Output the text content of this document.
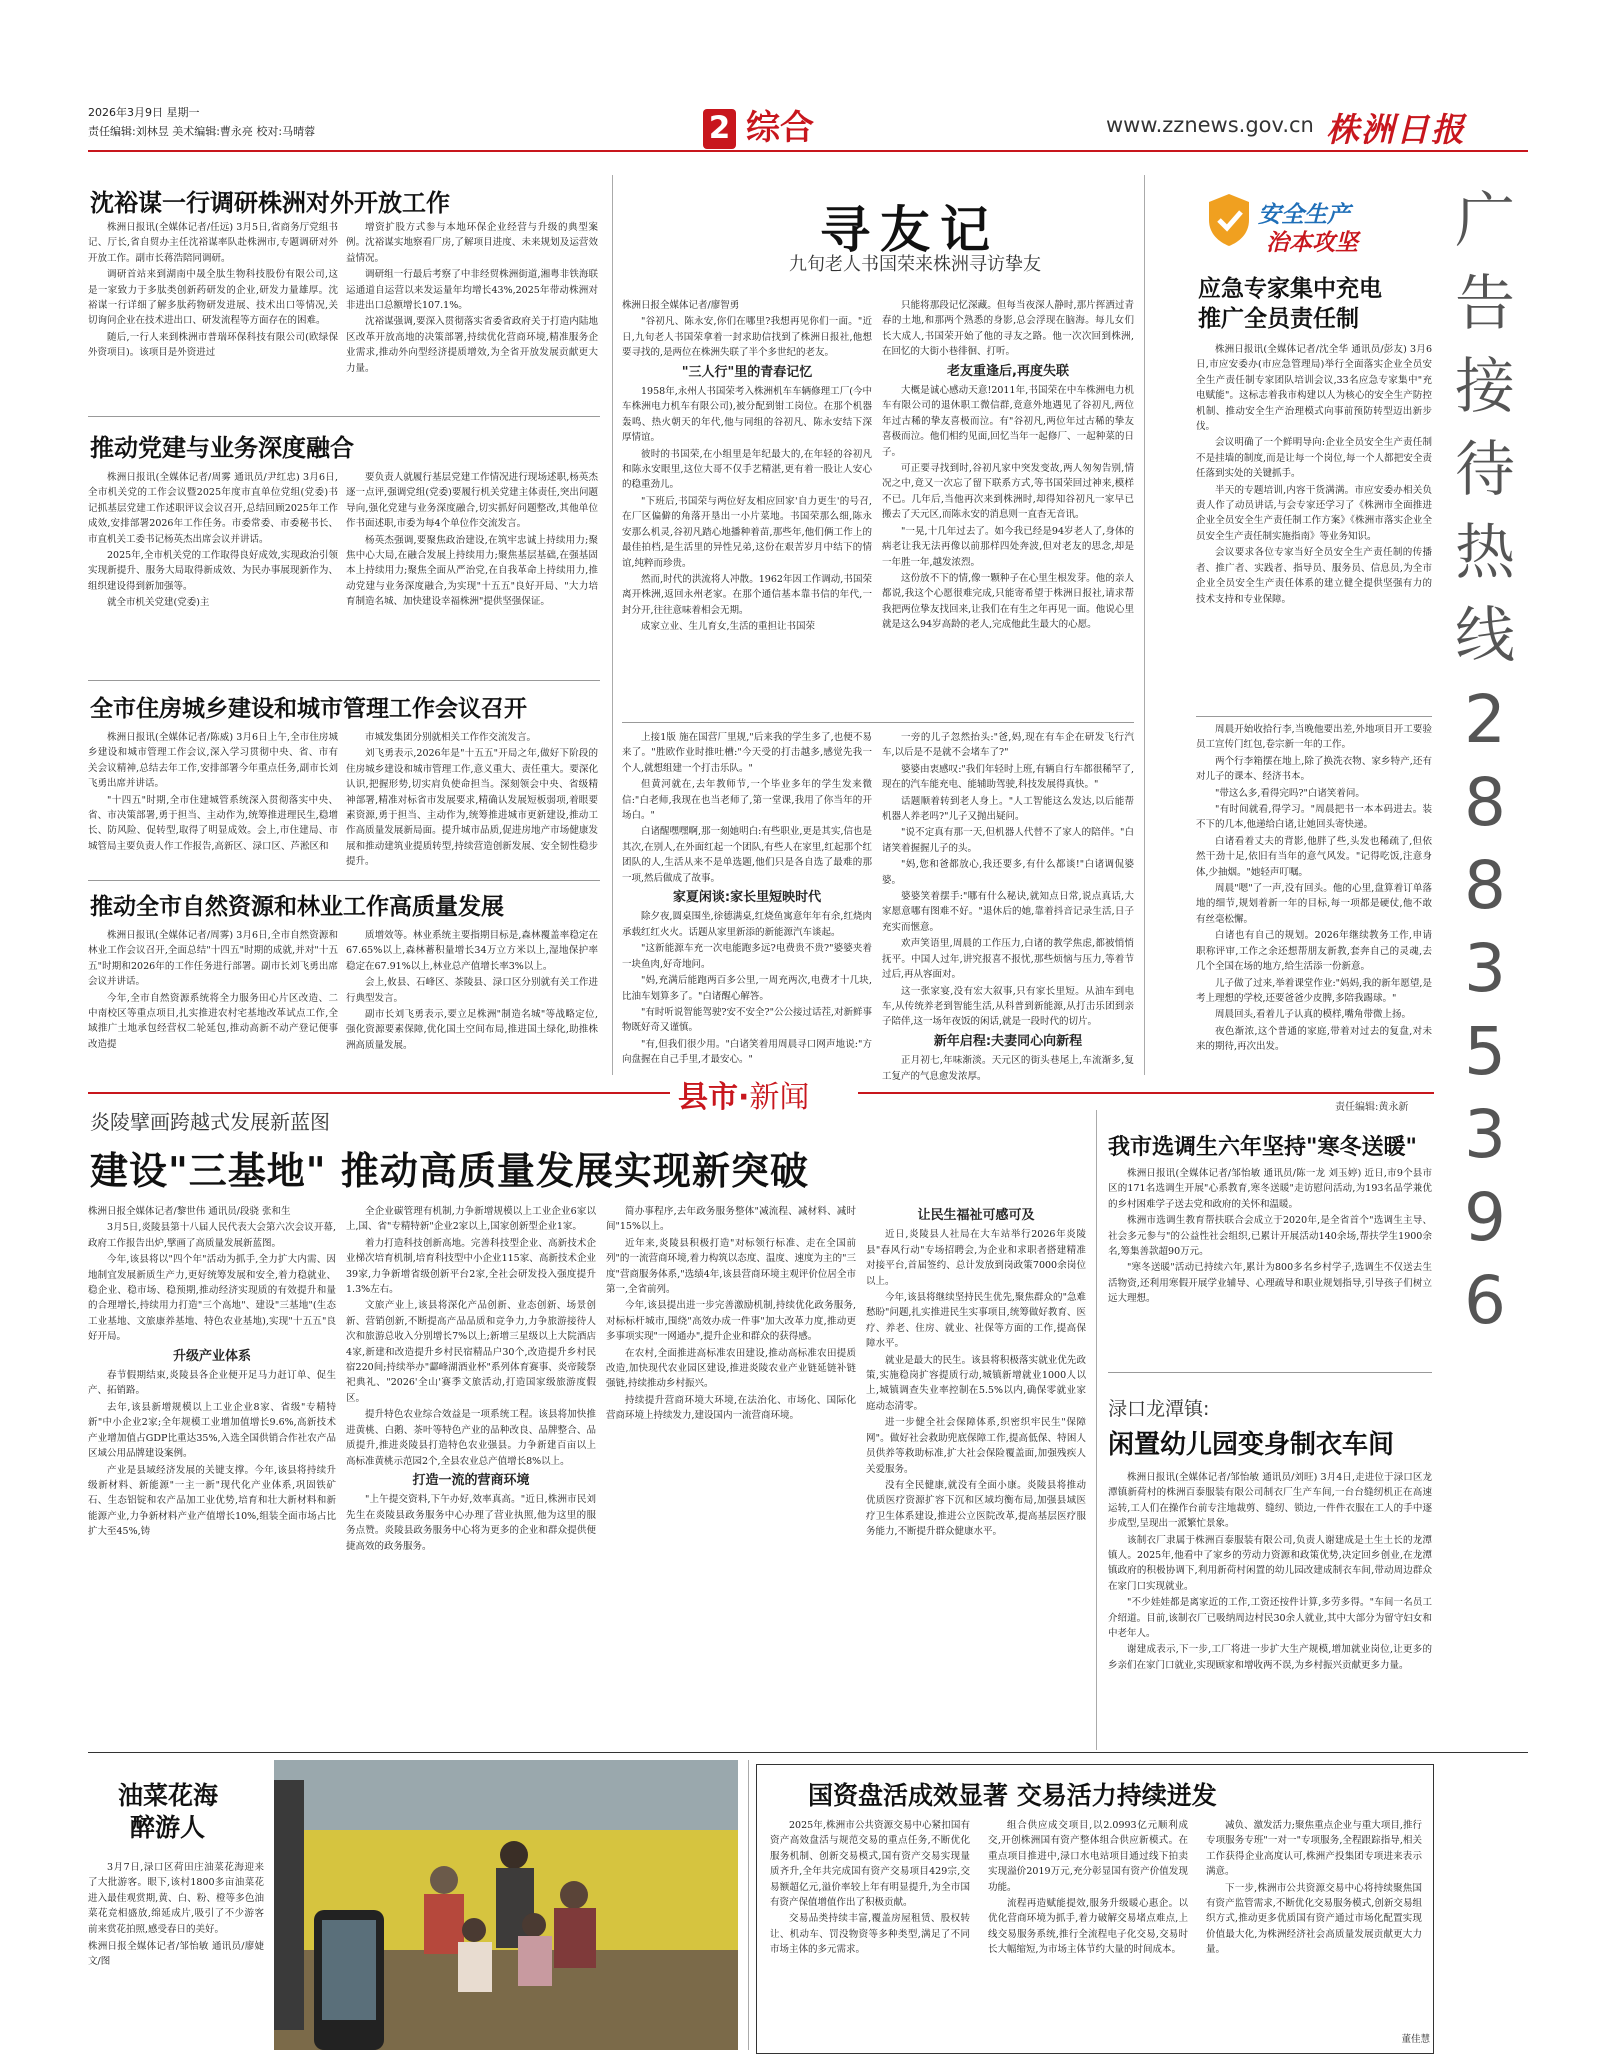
2026年3月9日 星期一
责任编辑:刘林昱 美术编辑:曹永亮 校对:马晴蓉	2 综合	www.zznews.gov.cn 株洲日报
沈裕谋一行调研株洲对外开放工作

株洲日报讯(全媒体记者/任远) 3月5日,省商务厅党组书记、厅长,省自贸办主任沈裕谋率队赴株洲市,专题调研对外开放工作。副市长蒋浩陪同调研。

调研首站来到湖南中晟全肽生物科技股份有限公司,这是一家致力于多肽类创新药研发的企业,研发力量雄厚。沈裕谋一行详细了解多肽药物研发进展、技术出口等情况,关切询问企业在技术进出口、研发流程等方面存在的困难。

随后,一行人来到株洲市普瑞环保科技有限公司(欧绿保外资项目)。该项目是外资进过

增资扩股方式参与本地环保企业经营与升级的典型案例。沈裕谋实地察看厂房,了解项目进度、未来规划及运营效益情况。

调研组一行最后考察了中非经贸株洲街道,湘粤非铁海联运通道自运营以来发运量年均增长43%,2025年带动株洲对非进出口总额增长107.1%。

沈裕谋强调,要深入贯彻落实省委省政府关于打造内陆地区改革开放高地的决策部署,持续优化营商环境,精准服务企业需求,推动外向型经济提质增效,为全省开放发展贡献更大力量。

推动党建与业务深度融合

株洲日报讯(全媒体记者/周雾 通讯员/尹红忠) 3月6日,全市机关党的工作会议暨2025年度市直单位党组(党委)书记抓基层党建工作述职评议会议召开,总结回顾2025年工作成效,安排部署2026年工作任务。市委常委、市委秘书长、市直机关工委书记杨英杰出席会议并讲话。

2025年,全市机关党的工作取得良好成效,实现政治引领实现新提升、服务大局取得新成效、为民办事展现新作为、组织建设得到新加强等。

就全市机关党建(党委)主

要负责人就履行基层党建工作情况进行现场述职,杨英杰逐一点评,强调党组(党委)要履行机关党建主体责任,突出问题导向,强化党建与业务深度融合,切实抓好问题整改,其他单位作书面述职,市委为每4个单位作交流发言。

杨英杰强调,要聚焦政治建设,在筑牢忠诚上持续用力;聚焦中心大局,在融合发展上持续用力;聚焦基层基础,在强基固本上持续用力;聚焦全面从严治党,在自我革命上持续用力,推动党建与业务深度融合,为实现"十五五"良好开局、"大力培育制造名城、加快建设幸福株洲"提供坚强保证。

全市住房城乡建设和城市管理工作会议召开

株洲日报讯(全媒体记者/陈威) 3月6日上午,全市住房城乡建设和城市管理工作会议,深入学习贯彻中央、省、市有关会议精神,总结去年工作,安排部署今年重点任务,副市长刘飞勇出席并讲话。

"十四五"时期,全市住建城管系统深入贯彻落实中央、省、市决策部署,勇于担当、主动作为,统筹推进理民生,稳增长、防风险、促转型,取得了明显成效。会上,市住建局、市城管局主要负责人作工作报告,高新区、渌口区、芦淞区和

市城发集团分别就相关工作作交流发言。

刘飞勇表示,2026年是"十五五"开局之年,做好下阶段的住房城乡建设和城市管理工作,意义重大、责任重大。要深化认识,把握形势,切实肩负使命担当。深刻领会中央、省级精神部署,精准对标省市发展要求,精确认发展短板弱项,着眼要素资源,勇于担当、主动作为,统筹推进城市更新建设,推动工作高质量发展新局面。提升城市品质,促进房地产市场健康发展和推动建筑业提质转型,持续营造创新发展、安全韧性稳步提升。

推动全市自然资源和林业工作高质量发展

株洲日报讯(全媒体记者/周雾) 3月6日,全市自然资源和林业工作会议召开,全面总结"十四五"时期的成就,并对"十五五"时期和2026年的工作任务进行部署。副市长刘飞勇出席会议并讲话。

今年,全市自然资源系统将全力服务田心片区改造、二中南校区等重点项目,扎实推进农村宅基地改革试点工作,全域推广土地承包经营权二轮延包,推动高新不动产登记便事改造提

质增效等。林业系统主要指期目标是,森林覆盖率稳定在67.65%以上,森林蓄积量增长34万立方米以上,湿地保护率稳定在67.91%以上,林业总产值增长率3%以上。

会上,攸县、石峰区、茶陵县、渌口区分别就有关工作进行典型发言。

副市长刘飞勇表示,要立足株洲"制造名城"等战略定位,强化资源要素保障,优化国土空间布局,推进国土绿化,助推株洲高质量发展。

寻友记
九旬老人书国荣来株洲寻访挚友

株洲日报全媒体记者/廖智勇

"谷初凡、陈永安,你们在哪里?我想再见你们一面。"近日,九旬老人书国荣拿着一封求助信找到了株洲日报社,他想要寻找的,是两位在株洲失联了半个多世纪的老友。

"三人行"里的青春记忆

1958年,永州人书国荣考入株洲机车车辆修理工厂(今中车株洲电力机车有限公司),被分配到钳工岗位。在那个机器轰鸣、热火朝天的年代,他与同组的谷初凡、陈永安结下深厚情谊。

彼时的书国荣,在小组里是年纪最大的,在年轻的谷初凡和陈永安眼里,这位大哥不仅手艺精湛,更有着一股让人安心的稳重劲儿。

"下班后,书国荣与两位好友相应回家'自力更生'的号召,在厂区偏僻的角落开垦出一小片菜地。书国荣那么细,陈永安那么机灵,谷初凡踏心地播种着苗,那些年,他们俩工作上的最佳拍档,是生活里的异性兄弟,这份在艰苦岁月中结下的情谊,纯粹而珍贵。

然而,时代的洪流将人冲散。1962年因工作调动,书国荣离开株洲,返回永州老家。在那个通信基本靠书信的年代,一封分开,往往意味着相会无期。

成家立业、生儿育女,生活的重担让书国荣

只能将那段记忆深藏。但每当夜深人静时,那片挥洒过青春的土地,和那两个熟悉的身影,总会浮现在脑海。每儿女们长大成人,书国荣开始了他的寻友之路。他一次次回到株洲,在回忆的大街小巷徘徊、打听。

老友重逢后,再度失联

大概是诚心感动天意!2011年,书国荣在中车株洲电力机车有限公司的退休职工微信群,竟意外地遇见了谷初凡,两位年过古稀的挚友喜极而泣。有"谷初凡,两位年过古稀的挚友喜极而泣。他们相约见面,回忆当年一起修厂、一起种菜的日子。

可正要寻找到时,谷初凡家中突发变故,两人匆匆告别,情况之中,竟又一次忘了留下联系方式,等书国荣回过神来,模样不已。几年后,当他再次来到株洲时,却得知谷初凡一家早已搬去了天元区,而陈永安的消息则一直杳无音讯。

"一晃,十几年过去了。如今我已经是94岁老人了,身体的病老让我无法再像以前那样四处奔波,但对老友的思念,却是一年胜一年,越发浓烈。

这份放不下的情,像一颗种子在心里生根发芽。他的亲人都说,我这个心愿很难完成,只能寄希望于株洲日报社,请求帮我把两位挚友找回来,让我们在有生之年再见一面。他说心里就是这么94岁高龄的老人,完成他此生最大的心愿。

上接1版 施在国营厂里规,"后来我的学生多了,也便不易来了。"胜欧作业时推吐槽:"今天受的打击越多,感觉先我一个人,就想组建一个打击乐队。"

但黄河就在,去年教师节,一个毕业多年的学生发来微信:"白老师,我现在也当老师了,第一堂课,我用了你当年的开场白。"

白诸醒嘿嘿啊,那一刻她明白:有些职业,更是其实,信也是其次,在别人,在外面红起一个团队,有些人在家里,红起那个红团队的人,生活从来不是单选题,他们只是各自选了最难的那一项,然后做成了故事。

家夏闲谈:家长里短映时代

除夕夜,圆桌围坐,徐德满桌,红烧鱼寓意年年有余,红烧肉承载红红火火。话题从家里新添的新能源汽车谈起。

"这新能源车充一次电能跑多远?电费贵不贵?"婆婆夹着一块鱼肉,好奇地问。

"妈,充满后能跑两百多公里,一周充两次,电费才十几块,比油车划算多了。"白诸醒心解答。

"有时听说智能驾驶?安不安全?"公公接过话茬,对新鲜事物既好奇又谨慎。

"有,但我们很少用。"白诸笑着用周晨寻口网声地说:"方向盘握在自己手里,才最安心。"

一旁的儿子忽然抬头:"爸,妈,现在有车企在研发飞行汽车,以后是不是就不会堵车了?"

婆婆由衷感叹:"我们年轻时上班,有辆自行车都很稀罕了,现在的汽车能充电、能辅助驾驶,科技发展得真快。"

话题顺着转到老人身上。"人工智能这么发达,以后能帮机器人养老吗?"儿子又抛出疑问。

"说不定真有那一天,但机器人代替不了家人的陪伴。"白诸笑着握握儿子的头。

"妈,您和爸都放心,我还要多,有什么都谈!"白诸调侃婆婆。

婆婆笑着摆手:"哪有什么秘诀,就知点日常,说点真话,大家愿意哪有图难不好。"退休后的她,靠着抖音记录生活,日子充实而惬意。

欢声笑语里,周晨的工作压力,白诸的教学焦虑,都被悄悄抚平。中国人过年,讲究报喜不报忧,那些烦恼与压力,等着节过后,再从容面对。

这一张家宴,没有宏大叙事,只有家长里短。从油车到电车,从传统养老到智能生活,从科普到新能源,从打击乐团到亲子陪伴,这一场年夜饭的闲话,就是一段时代的切片。

新年启程:夫妻同心向新程

正月初七,年味渐淡。天元区的街头巷尾上,车流渐多,复工复产的气息愈发浓厚。

安全生产
治本攻坚
应急专家集中充电
推广全员责任制

株洲日报讯(全媒体记者/沈全华 通讯员/彭友) 3月6日,市应安委办(市应急管理局)举行全面落实企业全员安全生产责任制专家团队培训会议,33名应急专家集中"充电赋能"。这标志着我市构建以人为核心的安全生产防控机制、推动安全生产治理模式向事前预防转型迈出新步伐。

会议明确了一个鲜明导向:企业全员安全生产责任制不是挂墙的制度,而是让每一个岗位,每一个人都把安全责任落到实处的关键抓手。

半天的专题培训,内容干货满满。市应安委办相关负责人作了动员讲话,与会专家还学习了《株洲市全面推进企业全员安全生产责任制工作方案》《株洲市落实企业全员安全生产责任制实施指南》等业务知识。

会议要求各位专家当好全员安全生产责任制的传播者、推广者、实践者、指导员、服务员、信息员,为全市企业全员安全生产责任体系的建立健全提供坚强有力的技术支持和专业保障。

周晨开始收拾行李,当晚他要出差,外地项目开工要验员工宣传门红包,卷宗新一年的工作。

两个行李箱摆在地上,除了换洗衣物、家乡特产,还有对儿子的课本、经济书本。

"带这么多,看得完吗?"白诸笑着问。

"有时间就看,得学习。"周晨把书一本本码进去。装不下的几本,他递给白诸,让她回头寄快递。

白诸看着丈夫的背影,他胖了些,头发也稀疏了,但依然干劲十足,依旧有当年的意气风发。"记得吃饭,注意身体,少抽烟。"她轻声叮嘱。

周晨"嗯"了一声,没有回头。他的心里,盘算着订单落地的细节,规划着新一年的目标,每一项都是硬仗,他不敢有丝毫松懈。

白诸也有自己的规划。2026年继续教务工作,申请职称评审,工作之余还想帮朋友新教,套奔自己的灵魂,去几个全国在场的地方,给生活添一份新意。

儿子做了过来,举着课堂作业:"妈妈,我的新年愿望,是考上理想的学校,还要爸爸少皮脾,多陪我踢球。"

周晨回头,看着儿子认真的模样,嘴角带微上扬。

夜色渐浓,这个普通的家庭,带着对过去的复盘,对未来的期待,再次出发。

广
告
接
待
热
线
2
8
8
3
5
3
9
6
县市·新闻	责任编辑:黄永新
炎陵擘画跨越式发展新蓝图
建设"三基地" 推动高质量发展实现新突破

株洲日报全媒体记者/黎世伟 通讯员/段骁 张和生

3月5日,炎陵县第十八届人民代表大会第六次会议开幕,政府工作报告出炉,擘画了高质量发展新蓝图。

今年,该县将以"四个年"活动为抓手,全力扩大内需、因地制宜发展新质生产力,更好统筹发展和安全,着力稳就业、稳企业、稳市场、稳预期,推动经济实现质的有效提升和量的合理增长,持续用力打造"三个高地"、建设"三基地"(生态工业基地、文旅康养基地、特色农业基地),实现"十五五"良好开局。

升级产业体系

春节假期结束,炎陵县各企业便开足马力赶订单、促生产、拓销路。

去年,该县新增规模以上工业企业8家、省级"专精特新"中小企业2家;全年规模工业增加值增长9.6%,高新技术产业增加值占GDP比重达35%,入选全国供销合作社农产品区域公用品牌建设案例。

产业是县域经济发展的关键支撑。今年,该县将持续升级新材料、新能源"一主一新"现代化产业体系,巩固铁矿石、生态铝锭和农产品加工业优势,培育和壮大新材料和新能源产业,力争新材料产业产值增长10%,组装全面市场占比扩大至45%,铸

全企业碳管理有机制,力争新增规模以上工业企业6家以上,国、省"专精特新"企业2家以上,国家创新型企业1家。

着力打造科技创新高地。完善科技型企业、高新技术企业梯次培育机制,培育科技型中小企业115家、高新技术企业39家,力争新增省级创新平台2家,全社会研发投入强度提升1.3%左右。

文旅产业上,该县将深化产品创新、业态创新、场景创新、营销创新,不断提高产品品质和竞争力,力争旅游接待人次和旅游总收入分别增长7%以上;新增三星级以上大院酒店4家,新建和改造提升乡村民宿精品户30个,改造提升乡村民宿220间;持续举办"酃峰湖酒业杯"系列体育赛事、炎帝陵祭祀典礼、"2026'全山'赛季文旅活动,打造国家级旅游度假区。

提升特色农业综合效益是一项系统工程。该县将加快推进黄桃、白鹅、茶叶等特色产业的品种改良、品牌整合、品质提升,推进炎陵县打造特色农业强县。力争新建百亩以上高标准黄桃示范园2个,全县农业总产值增长8%以上。

打造一流的营商环境

"上午提交资料,下午办好,效率真高。"近日,株洲市民刘先生在炎陵县政务服务中心办理了营业执照,他为这里的服务点赞。炎陵县政务服务中心将为更多的企业和群众提供便捷高效的政务服务。

简办事程序,去年政务服务整体"减流程、减材料、减时间"15%以上。

近年来,炎陵县积极打造"对标领行标准、走在全国前列"的一流营商环境,着力构筑以态度、温度、速度为主的"三度"营商服务体系,"选绩4年,该县营商环境主观评价位居全市第一,全省前列。

今年,该县提出进一步完善激励机制,持续优化政务服务,对标标杆城市,围绕"高效办成一件事"加大改革力度,推动更多事项实现"一网通办",提升企业和群众的获得感。

在农村,全面推进高标准农田建设,推动高标准农田提质改造,加快现代农业园区建设,推进炎陵农业产业链延链补链强链,持续推动乡村振兴。

持续提升营商环境大环境,在法治化、市场化、国际化营商环境上持续发力,建设国内一流营商环境。

让民生福祉可感可及

近日,炎陵县人社局在大车站举行2026年炎陵县"春风行动"专场招聘会,为企业和求职者搭建精准对接平台,首届签约、总计发放到岗政策7000余岗位以上。

今年,该县将继续坚持民生优先,聚焦群众的"急难愁盼"问题,扎实推进民生实事项目,统筹做好教育、医疗、养老、住房、就业、社保等方面的工作,提高保障水平。

就业是最大的民生。该县将积极落实就业优先政策,实施稳岗扩容提质行动,城镇新增就业1000人以上,城镇调查失业率控制在5.5%以内,确保零就业家庭动态清零。

进一步健全社会保障体系,织密织牢民生"保障网"。做好社会救助兜底保障工作,提高低保、特困人员供养等救助标准,扩大社会保险覆盖面,加强残疾人关爱服务。

没有全民健康,就没有全面小康。炎陵县将推动优质医疗资源扩容下沉和区域均衡布局,加强县域医疗卫生体系建设,推进公立医院改革,提高基层医疗服务能力,不断提升群众健康水平。

我市选调生六年坚持"寒冬送暖"

株洲日报讯(全媒体记者/邹怡敏 通讯员/陈一龙 刘玉婷) 近日,市9个县市区的171名选调生开展"心系教育,寒冬送暖"走访慰问活动,为193名品学兼优的乡村困难学子送去党和政府的关怀和温暖。

株洲市选调生教育帮扶联合会成立于2020年,是全省首个"选调生主导、社会多元参与"的公益性社会组织,已累计开展活动140余场,帮扶学生1900余名,筹集善款超90万元。

"寒冬送暖"活动已持续六年,累计为800多名乡村学子,选调生不仅送去生活物资,还利用寒假开展学业辅导、心理疏导和职业规划指导,引导孩子们树立远大理想。

渌口龙潭镇:
闲置幼儿园变身制衣车间

株洲日报讯(全媒体记者/邹怡敏 通讯员/刘旺) 3月4日,走进位于渌口区龙潭镇新荷村的株洲百泰服装有限公司制衣厂生产车间,一台台缝纫机正在高速运转,工人们在操作台前专注地裁剪、缝纫、锁边,一件件衣服在工人的手中逐步成型,呈现出一派繁忙景象。

该制衣厂隶属于株洲百泰服装有限公司,负责人谢建成是土生土长的龙潭镇人。2025年,他看中了家乡的劳动力资源和政策优势,决定回乡创业,在龙潭镇政府的积极协调下,利用新荷村闲置的幼儿园改建成制衣车间,带动周边群众在家门口实现就业。

"不少娃娃都是离家近的工作,工资还按件计算,多劳多得。"车间一名员工介绍道。目前,该制衣厂已吸纳周边村民30余人就业,其中大部分为留守妇女和中老年人。

谢建成表示,下一步,工厂将进一步扩大生产规模,增加就业岗位,让更多的乡亲们在家门口就业,实现顾家和增收两不误,为乡村振兴贡献更多力量。

油菜花海
醉游人
3月7日,渌口区荷田庄油菜花海迎来了大批游客。眼下,该村1800多亩油菜花进入最佳观赏期,黄、白、粉、橙等多色油菜花竞相盛放,绵延成片,吸引了不少游客前来赏花拍照,感受春日的美好。
株洲日报全媒体记者/邹怡敏 通讯员/廖婕 文/图
国资盘活成效显著 交易活力持续迸发

2025年,株洲市公共资源交易中心紧扣国有资产高效盘活与规范交易的重点任务,不断优化服务机制、创新交易模式,国有资产交易实现量质齐升,全年共完成国有资产交易项目429宗,交易额超亿元,溢价率较上年有明显提升,为全市国有资产保值增值作出了积极贡献。

交易品类持续丰富,覆盖房屋租赁、股权转让、机动车、罚没物资等多种类型,满足了不同市场主体的多元需求。

组合供应成交项目,以2.0993亿元顺利成交,开创株洲国有资产整体组合供应新模式。在重点项目推进中,渌口水电站项目通过线下拍卖实现溢价2019万元,充分彰显国有资产价值发现功能。

流程再造赋能提效,服务升级暖心惠企。以优化营商环境为抓手,着力破解交易堵点难点,上线交易服务系统,推行全流程电子化交易,交易时长大幅缩短,为市场主体节约大量的时间成本。

减负、激发活力;聚焦重点企业与重大项目,推行专项服务专班"一对一"专项服务,全程跟踪指导,相关工作获得企业高度认可,株洲产投集团专项进来表示满意。

下一步,株洲市公共资源交易中心将持续聚焦国有资产监管需求,不断优化交易服务模式,创新交易组织方式,推动更多优质国有资产通过市场化配置实现价值最大化,为株洲经济社会高质量发展贡献更大力量。

董佳慧
